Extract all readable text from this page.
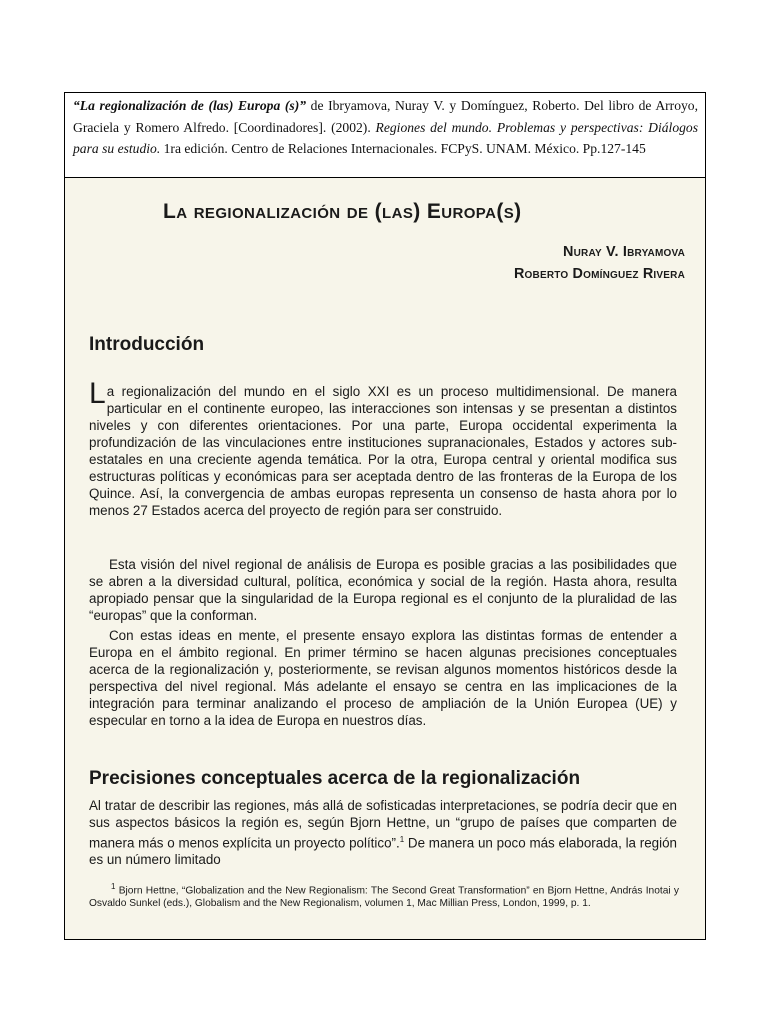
“La regionalización de (las) Europa (s)” de Ibryamova, Nuray V. y Domínguez, Roberto. Del libro de Arroyo, Graciela y Romero Alfredo. [Coordinadores]. (2002). Regiones del mundo. Problemas y perspectivas: Diálogos para su estudio. 1ra edición. Centro de Relaciones Internacionales. FCPyS. UNAM. México. Pp.127-145

La regionalización de (las) Europa(s)
Nuray V. Ibryamova
Roberto Domínguez Rivera
Introducción

La regionalización del mundo en el siglo XXI es un proceso multidimensional. De manera particular en el continente europeo, las interacciones son intensas y se presentan a distintos niveles y con diferentes orientaciones. Por una parte, Europa occidental experimenta la profundización de las vinculaciones entre instituciones supranacionales, Estados y actores sub-estatales en una creciente agenda temática. Por la otra, Europa central y oriental modifica sus estructuras políticas y económicas para ser aceptada dentro de las fronteras de la Europa de los Quince. Así, la convergencia de ambas europas representa un consenso de hasta ahora por lo menos 27 Estados acerca del proyecto de región para ser construido.

Esta visión del nivel regional de análisis de Europa es posible gracias a las posibilidades que se abren a la diversidad cultural, política, económica y social de la región. Hasta ahora, resulta apropiado pensar que la singularidad de la Europa regional es el conjunto de la pluralidad de las “europas” que la conforman.

Con estas ideas en mente, el presente ensayo explora las distintas formas de entender a Europa en el ámbito regional. En primer término se hacen algunas precisiones conceptuales acerca de la regionalización y, posteriormente, se revisan algunos momentos históricos desde la perspectiva del nivel regional. Más adelante el ensayo se centra en las implicaciones de la integración para terminar analizando el proceso de ampliación de la Unión Europea (UE) y especular en torno a la idea de Europa en nuestros días.

Precisiones conceptuales acerca de la regionalización

Al tratar de describir las regiones, más allá de sofisticadas interpretaciones, se podría decir que en sus aspectos básicos la región es, según Bjorn Hettne, un “grupo de países que comparten de manera más o menos explícita un proyecto político”.$^1$ De manera un poco más elaborada, la región es un número limitado

$^1$ Bjorn Hettne, “Globalization and the New Regionalism: The Second Great Transformation” en Bjorn Hettne, András Inotai y Osvaldo Sunkel (eds.), Globalism and the New Regionalism, volumen 1, Mac Millian Press, London, 1999, p. 1.
